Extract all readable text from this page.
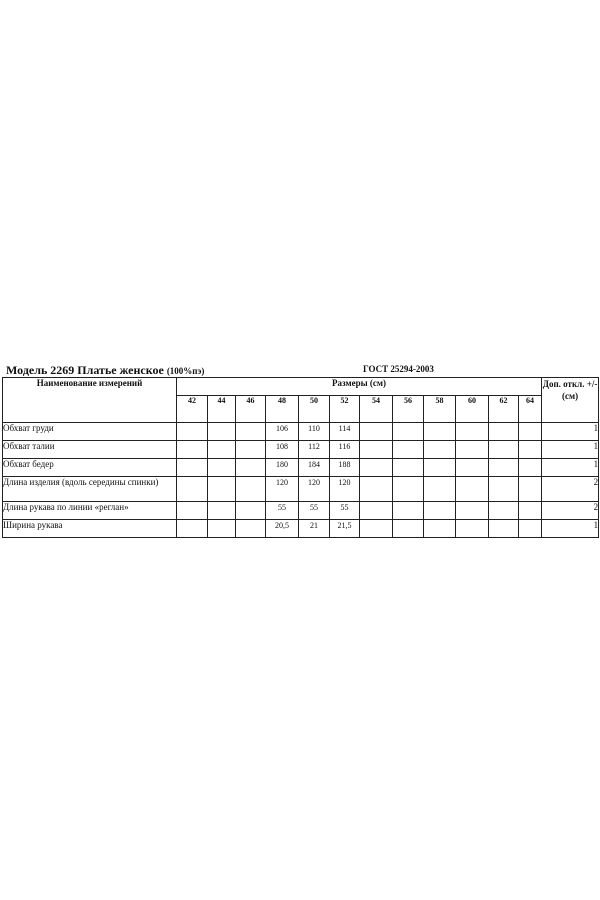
Модель 2269 Платье женское (100%пэ)	ГОСТ 25294-2003
Наименование измерений	Размеры (см)												Доп. откл. +/- (см)
	42	44	46	48	50	52	54	56	58	60	62	64	
Обхват груди				106	110	114							1
Обхват талии				108	112	116							1
Обхват бедер				180	184	188							1
Длина изделия (вдоль середины спинки)				120	120	120							2
Длина рукава по линии «реглан»				55	55	55							2
Ширина рукава				20,5	21	21,5							1
